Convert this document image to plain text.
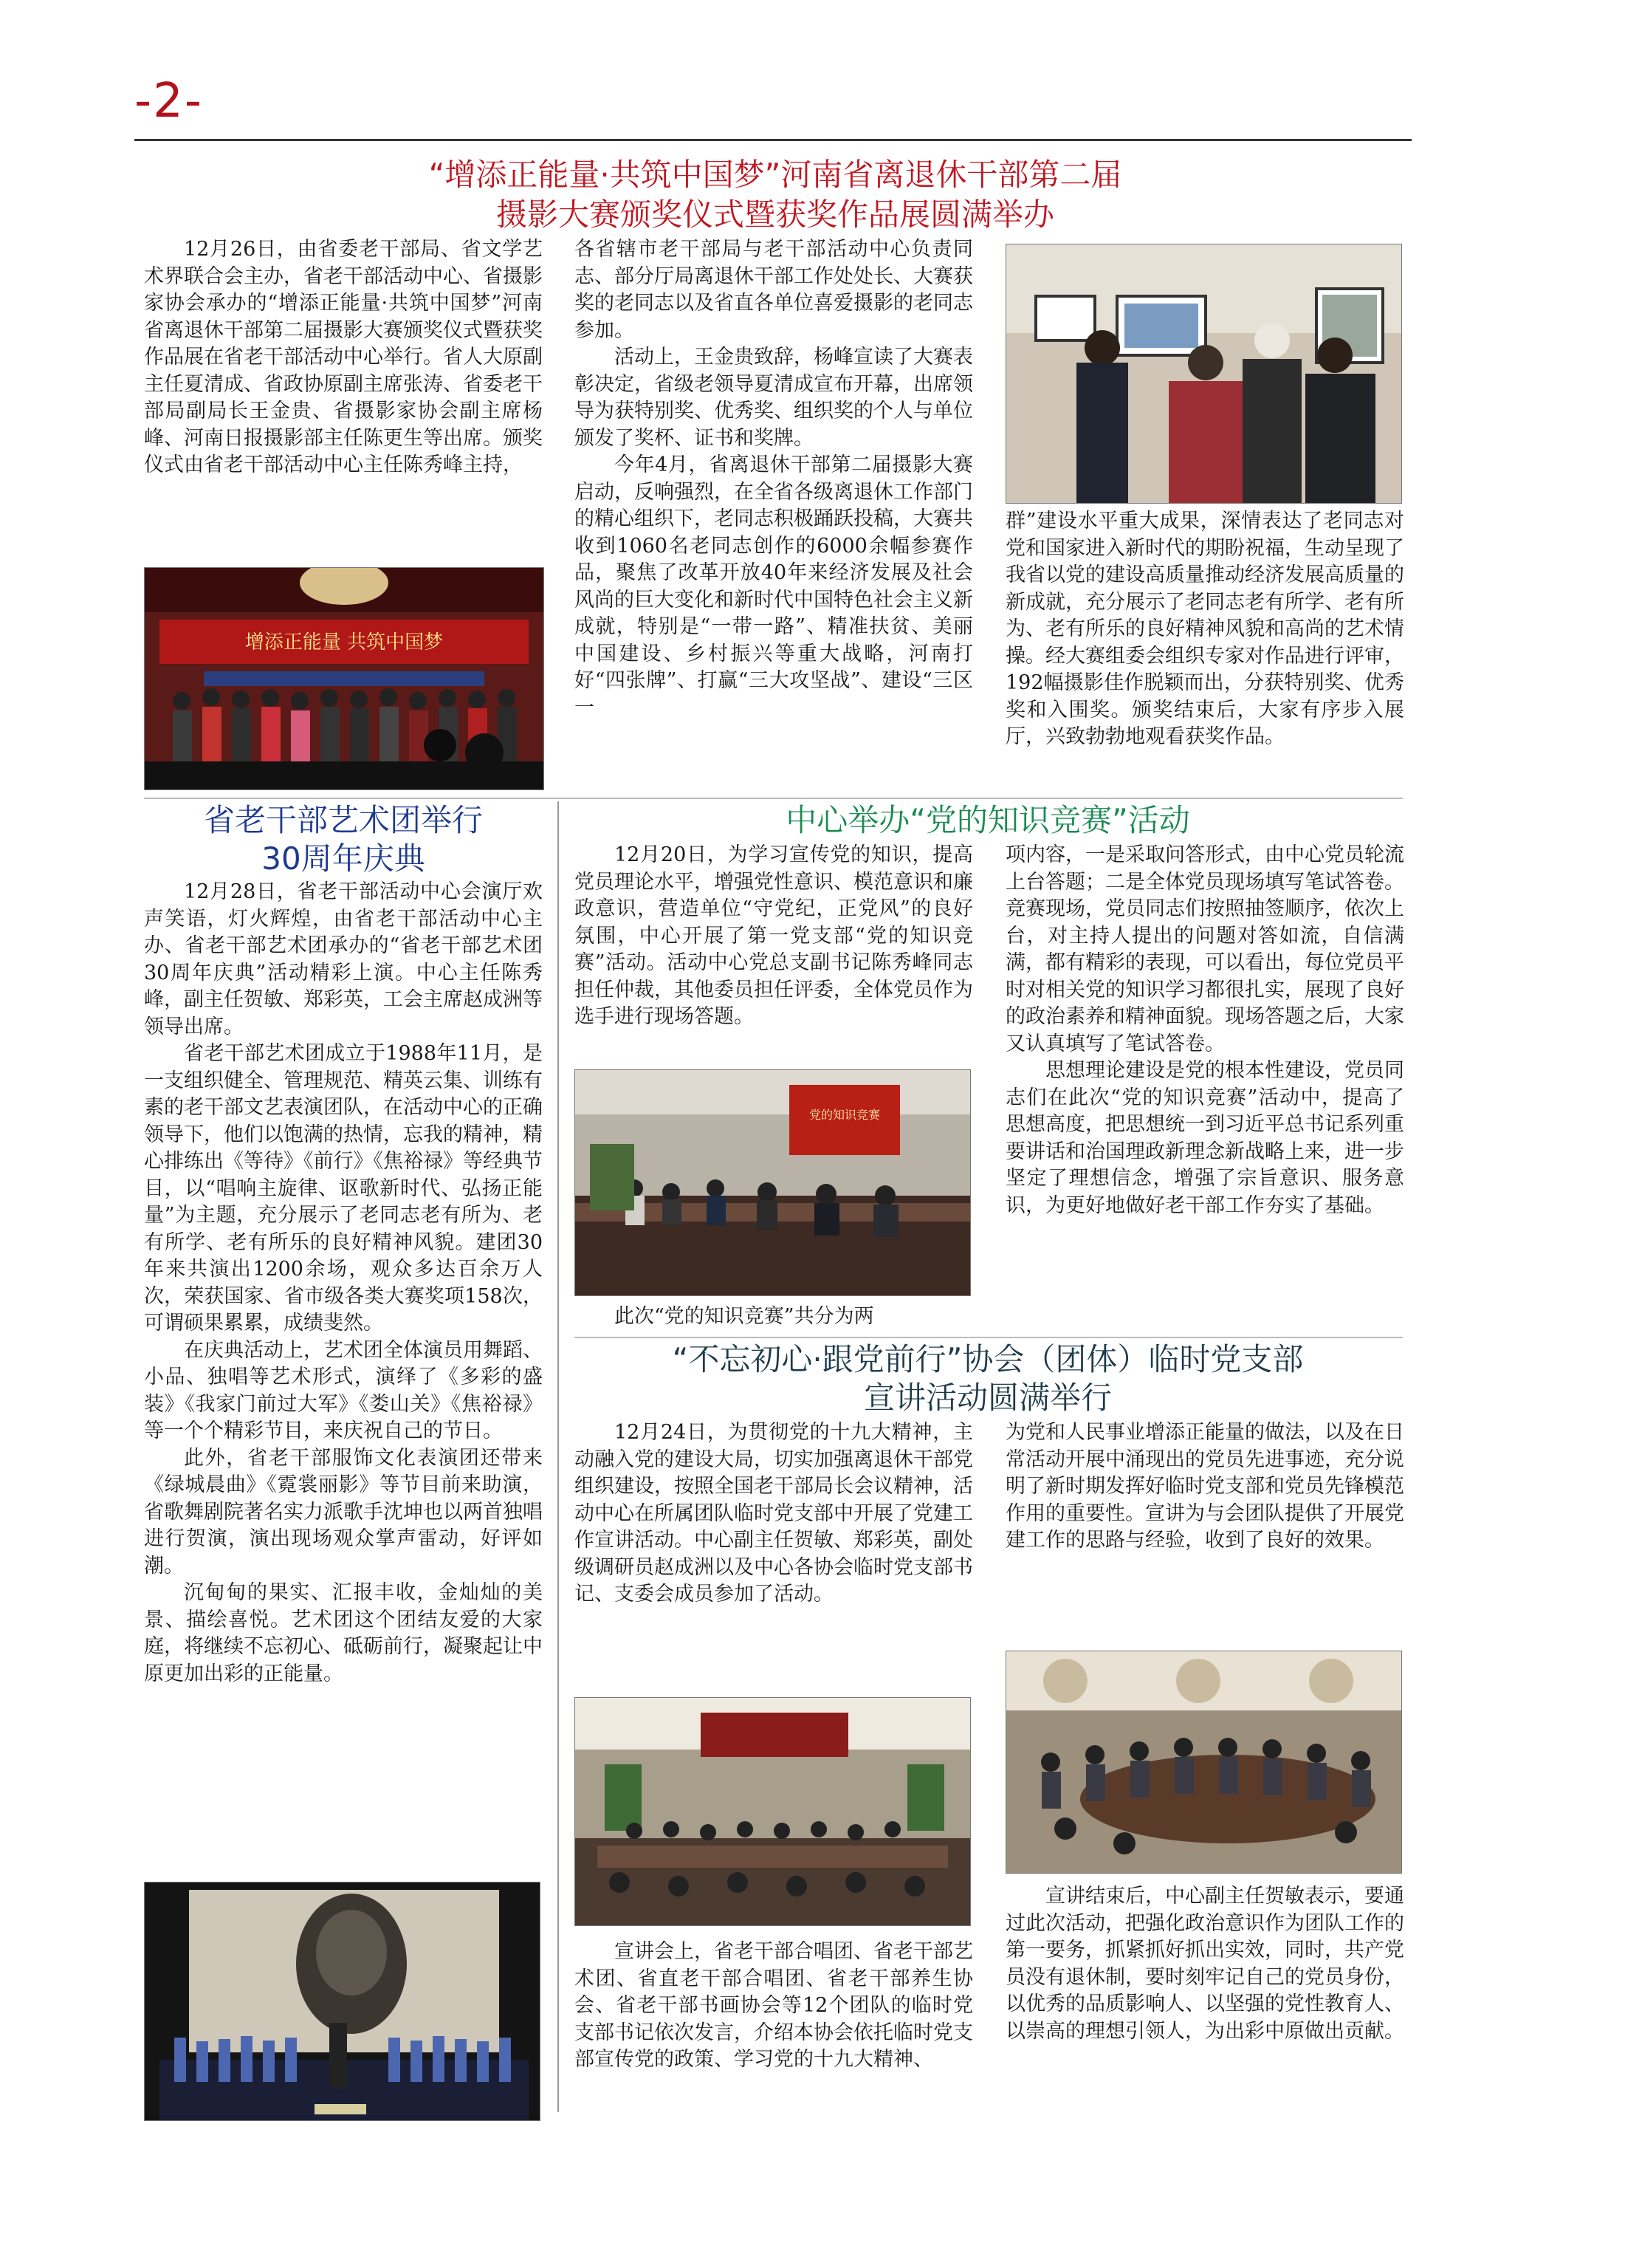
-2-
“增添正能量·共筑中国梦”河南省离退休干部第二届
摄影大赛颁奖仪式暨获奖作品展圆满举办

12月26日，由省委老干部局、省文学艺术界联合会主办，省老干部活动中心、省摄影家协会承办的“增添正能量·共筑中国梦”河南省离退休干部第二届摄影大赛颁奖仪式暨获奖作品展在省老干部活动中心举行。省人大原副主任夏清成、省政协原副主席张涛、省委老干部局副局长王金贵、省摄影家协会副主席杨峰、河南日报摄影部主任陈更生等出席。颁奖仪式由省老干部活动中心主任陈秀峰主持，

增添正能量 共筑中国梦

各省辖市老干部局与老干部活动中心负责同志、部分厅局离退休干部工作处处长、大赛获奖的老同志以及省直各单位喜爱摄影的老同志参加。

活动上，王金贵致辞，杨峰宣读了大赛表彰决定，省级老领导夏清成宣布开幕，出席领导为获特别奖、优秀奖、组织奖的个人与单位颁发了奖杯、证书和奖牌。

今年4月，省离退休干部第二届摄影大赛启动，反响强烈，在全省各级离退休工作部门的精心组织下，老同志积极踊跃投稿，大赛共收到1060名老同志创作的6000余幅参赛作品，聚焦了改革开放40年来经济发展及社会风尚的巨大变化和新时代中国特色社会主义新成就，特别是“一带一路”、精准扶贫、美丽中国建设、乡村振兴等重大战略，河南打好“四张牌”、打赢“三大攻坚战”、建设“三区一

群”建设水平重大成果，深情表达了老同志对党和国家进入新时代的期盼祝福，生动呈现了我省以党的建设高质量推动经济发展高质量的新成就，充分展示了老同志老有所学、老有所为、老有所乐的良好精神风貌和高尚的艺术情操。经大赛组委会组织专家对作品进行评审，192幅摄影佳作脱颖而出，分获特别奖、优秀奖和入围奖。颁奖结束后，大家有序步入展厅，兴致勃勃地观看获奖作品。

省老干部艺术团举行
30周年庆典

12月28日，省老干部活动中心会演厅欢声笑语，灯火辉煌，由省老干部活动中心主办、省老干部艺术团承办的“省老干部艺术团30周年庆典”活动精彩上演。中心主任陈秀峰，副主任贺敏、郑彩英，工会主席赵成洲等领导出席。

省老干部艺术团成立于1988年11月，是一支组织健全、管理规范、精英云集、训练有素的老干部文艺表演团队，在活动中心的正确领导下，他们以饱满的热情，忘我的精神，精心排练出《等待》《前行》《焦裕禄》等经典节目，以“唱响主旋律、讴歌新时代、弘扬正能量”为主题，充分展示了老同志老有所为、老有所学、老有所乐的良好精神风貌。建团30年来共演出1200余场，观众多达百余万人次，荣获国家、省市级各类大赛奖项158次，可谓硕果累累，成绩斐然。

在庆典活动上，艺术团全体演员用舞蹈、小品、独唱等艺术形式，演绎了《多彩的盛装》《我家门前过大军》《娄山关》《焦裕禄》等一个个精彩节目，来庆祝自己的节日。

此外，省老干部服饰文化表演团还带来《绿城晨曲》《霓裳丽影》等节目前来助演，省歌舞剧院著名实力派歌手沈坤也以两首独唱进行贺演，演出现场观众掌声雷动，好评如潮。

沉甸甸的果实、汇报丰收，金灿灿的美景、描绘喜悦。艺术团这个团结友爱的大家庭，将继续不忘初心、砥砺前行，凝聚起让中原更加出彩的正能量。

中心举办“党的知识竞赛”活动

12月20日，为学习宣传党的知识，提高党员理论水平，增强党性意识、模范意识和廉政意识，营造单位“守党纪，正党风”的良好氛围，中心开展了第一党支部“党的知识竞赛”活动。活动中心党总支副书记陈秀峰同志担任仲裁，其他委员担任评委，全体党员作为选手进行现场答题。

党的知识竞赛

此次“党的知识竞赛”共分为两

项内容，一是采取问答形式，由中心党员轮流上台答题；二是全体党员现场填写笔试答卷。竞赛现场，党员同志们按照抽签顺序，依次上台，对主持人提出的问题对答如流，自信满满，都有精彩的表现，可以看出，每位党员平时对相关党的知识学习都很扎实，展现了良好的政治素养和精神面貌。现场答题之后，大家又认真填写了笔试答卷。

思想理论建设是党的根本性建设，党员同志们在此次“党的知识竞赛”活动中，提高了思想高度，把思想统一到习近平总书记系列重要讲话和治国理政新理念新战略上来，进一步坚定了理想信念，增强了宗旨意识、服务意识，为更好地做好老干部工作夯实了基础。

“不忘初心·跟党前行”协会（团体）临时党支部
宣讲活动圆满举行

12月24日，为贯彻党的十九大精神，主动融入党的建设大局，切实加强离退休干部党组织建设，按照全国老干部局长会议精神，活动中心在所属团队临时党支部中开展了党建工作宣讲活动。中心副主任贺敏、郑彩英，副处级调研员赵成洲以及中心各协会临时党支部书记、支委会成员参加了活动。

宣讲会上，省老干部合唱团、省老干部艺术团、省直老干部合唱团、省老干部养生协会、省老干部书画协会等12个团队的临时党支部书记依次发言，介绍本协会依托临时党支部宣传党的政策、学习党的十九大精神、

为党和人民事业增添正能量的做法，以及在日常活动开展中涌现出的党员先进事迹，充分说明了新时期发挥好临时党支部和党员先锋模范作用的重要性。宣讲为与会团队提供了开展党建工作的思路与经验，收到了良好的效果。

宣讲结束后，中心副主任贺敏表示，要通过此次活动，把强化政治意识作为团队工作的第一要务，抓紧抓好抓出实效，同时，共产党员没有退休制，要时刻牢记自己的党员身份，以优秀的品质影响人、以坚强的党性教育人、以崇高的理想引领人，为出彩中原做出贡献。
